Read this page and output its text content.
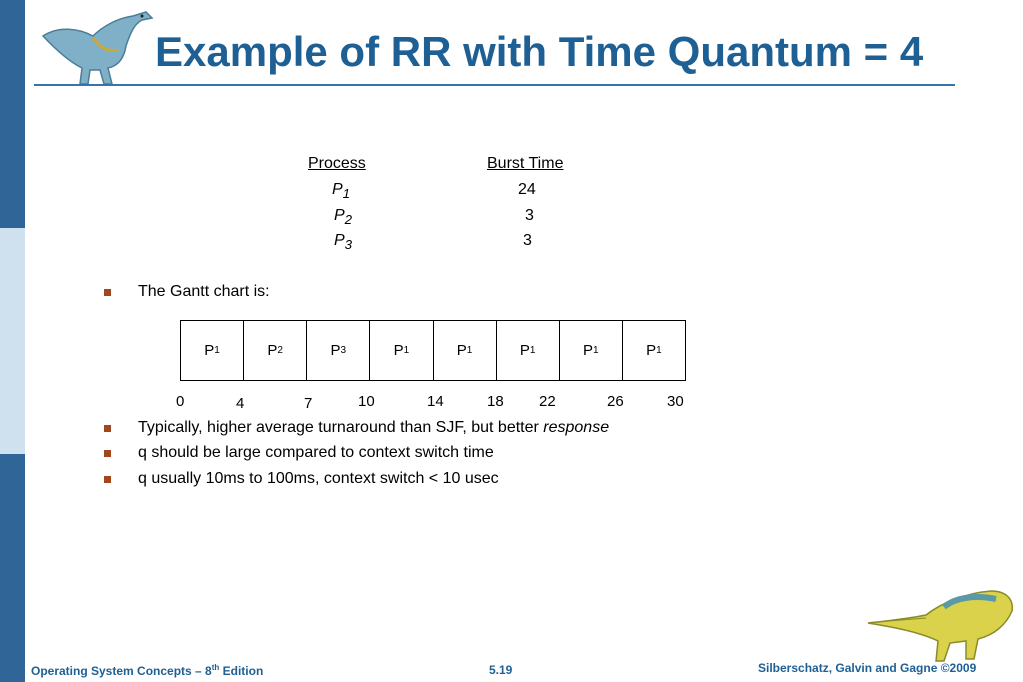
Example of RR with Time Quantum = 4
Process	Burst Time
$P_1$	24
$P_2$	3
$P_3$	3
The Gantt chart is:
P 1	P 2	P 3	P 1	P 1	P 1	P 1	P 1
0	4	7	10	14	18 22	26	30
Typically, higher average turnaround than SJF, but better response
q should be large compared to context switch time
q usually 10ms to 100ms, context switch < 10 usec
Operating System Concepts – 8th Edition	5.19	Silberschatz, Galvin and Gagne ©2009
